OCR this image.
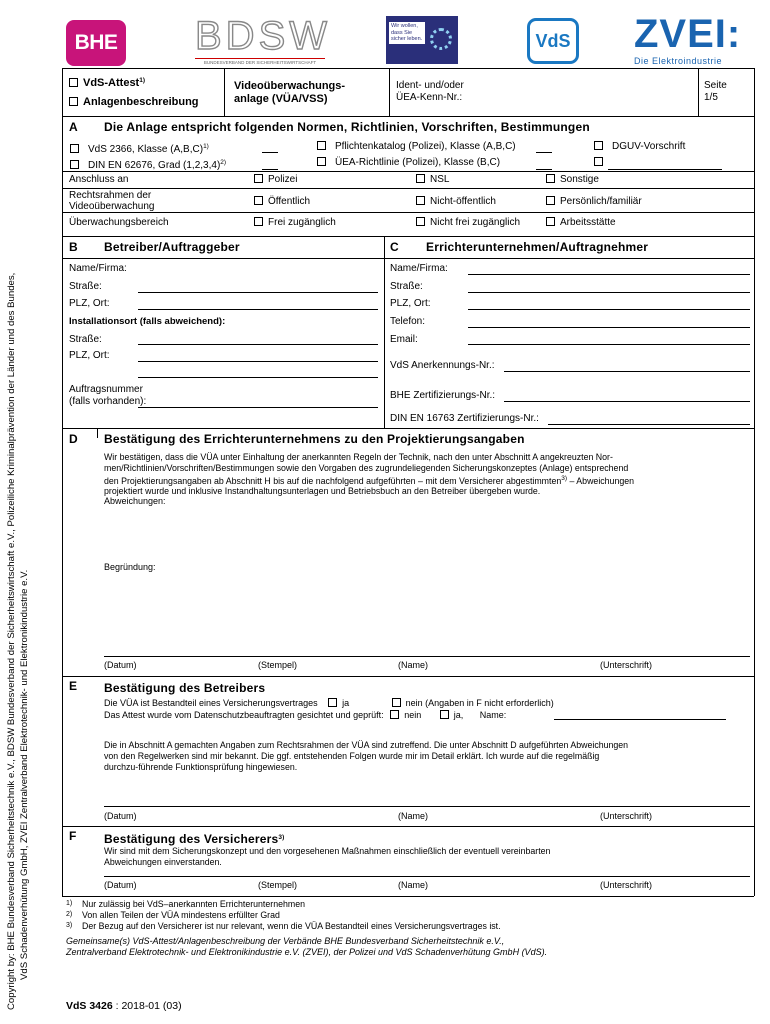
Copyright by: BHE Bundesverband Sicherheitstechnik e.V., BDSW Bundesverband der Sicherheitswirtschaft e.V., Polizeiliche Kriminalprävention der Länder und des Bundes, VdS Schadenverhütung GmbH, ZVEI Zentralverband Elektrotechnik- und Elektronikindustrie e.V.
BHE BDSW
BUNDESVERBAND DER SICHERHEITSWIRTSCHAFT
Wir wollen, dass Sie sicher leben.	VdS ZVEI:
Die Elektroindustrie
VdS-Attest$^{1)}$
Anlagenbeschreibung
Videoüberwachungs-
anlage (VÜA/VSS)
Ident- und/oder
ÜEA-Kenn-Nr.:
Seite
1/5
A Die Anlage entspricht folgenden Normen, Richtlinien, Vorschriften, Bestimmungen
VdS 2366, Klasse $(A,B,C)^{1)}$
DIN EN 62676, Grad $(1,2,3,4)^{2)}$
Pflichtenkatalog (Polizei), Klasse (A,B,C)
ÜEA-Richtlinie (Polizei), Klasse (B,C)
DGUV-Vorschrift
Anschluss an	Polizei	NSL	Sonstige
Rechtsrahmen der
Videoüberwachung	Öffentlich	Nicht-öffentlich	Persönlich/familiär
Überwachungsbereich	Frei zugänglich	Nicht frei zugänglich	Arbeitsstätte
B Betreiber/Auftraggeber
Name/Firma:
Straße:
PLZ, Ort:
Installationsort (falls abweichend):
Straße:
PLZ, Ort:
Auftragsnummer
(falls vorhanden):
C Errichterunternehmen/Auftragnehmer
Name/Firma:
Straße:
PLZ, Ort:
Telefon:
Email:
VdS Anerkennungs-Nr.:
BHE Zertifizierungs-Nr.:
DIN EN 16763 Zertifizierungs-Nr.:
D Bestätigung des Errichterunternehmens zu den Projektierungsangaben
Wir bestätigen, dass die VÜA unter Einhaltung der anerkannten Regeln der Technik, nach den unter Abschnitt A angekreuzten Nor-
men/Richtlinien/Vorschriften/Bestimmungen sowie den Vorgaben des zugrundeliegenden Sicherungskonzeptes (Anlage) entsprechend
den Projektierungsangaben ab Abschnitt H bis auf die nachfolgend aufgeführten – mit dem Versicherer abgestimmten$^{3)}$ – Abweichungen
projektiert wurde und inklusive Instandhaltungsunterlagen und Betriebsbuch an den Betreiber übergeben wurde.
Abweichungen:
Begründung:
(Datum)	(Stempel)	(Name)	(Unterschrift)
E Bestätigung des Betreibers
Die VÜA ist Bestandteil eines Versicherungsvertrages	ja	nein (Angaben in F nicht erforderlich)
Das Attest wurde vom Datenschutzbeauftragten gesichtet und geprüft: nein	ja, Name:
Die in Abschnitt A gemachten Angaben zum Rechtsrahmen der VÜA sind zutreffend. Die unter Abschnitt D aufgeführten Abweichungen
von den Regelwerken sind mir bekannt. Die ggf. entstehenden Folgen wurde mir im Detail erklärt. Ich wurde auf die regelmäßig
durchzu-führende Funktionsprüfung hingewiesen.
(Datum)	(Name)	(Unterschrift)
F Bestätigung des Versicherers$^{3)}$
Wir sind mit dem Sicherungskonzept und den vorgesehenen Maßnahmen einschließlich der eventuell vereinbarten
Abweichungen einverstanden.
(Datum)	(Stempel)	(Name)	(Unterschrift)
1) Nur zulässig bei VdS–anerkannten Errichterunternehmen
2) Von allen Teilen der VÜA mindestens erfüllter Grad
3) Der Bezug auf den Versicherer ist nur relevant, wenn die VÜA Bestandteil eines Versicherungsvertrages ist.
Gemeinsame(s) VdS-Attest/Anlagenbeschreibung der Verbände BHE Bundesverband Sicherheitstechnik e.V.,
Zentralverband Elektrotechnik- und Elektronikindustrie e.V. (ZVEI), der Polizei und VdS Schadenverhütung GmbH (VdS).
VdS 3426 : 2018-01 (03)
